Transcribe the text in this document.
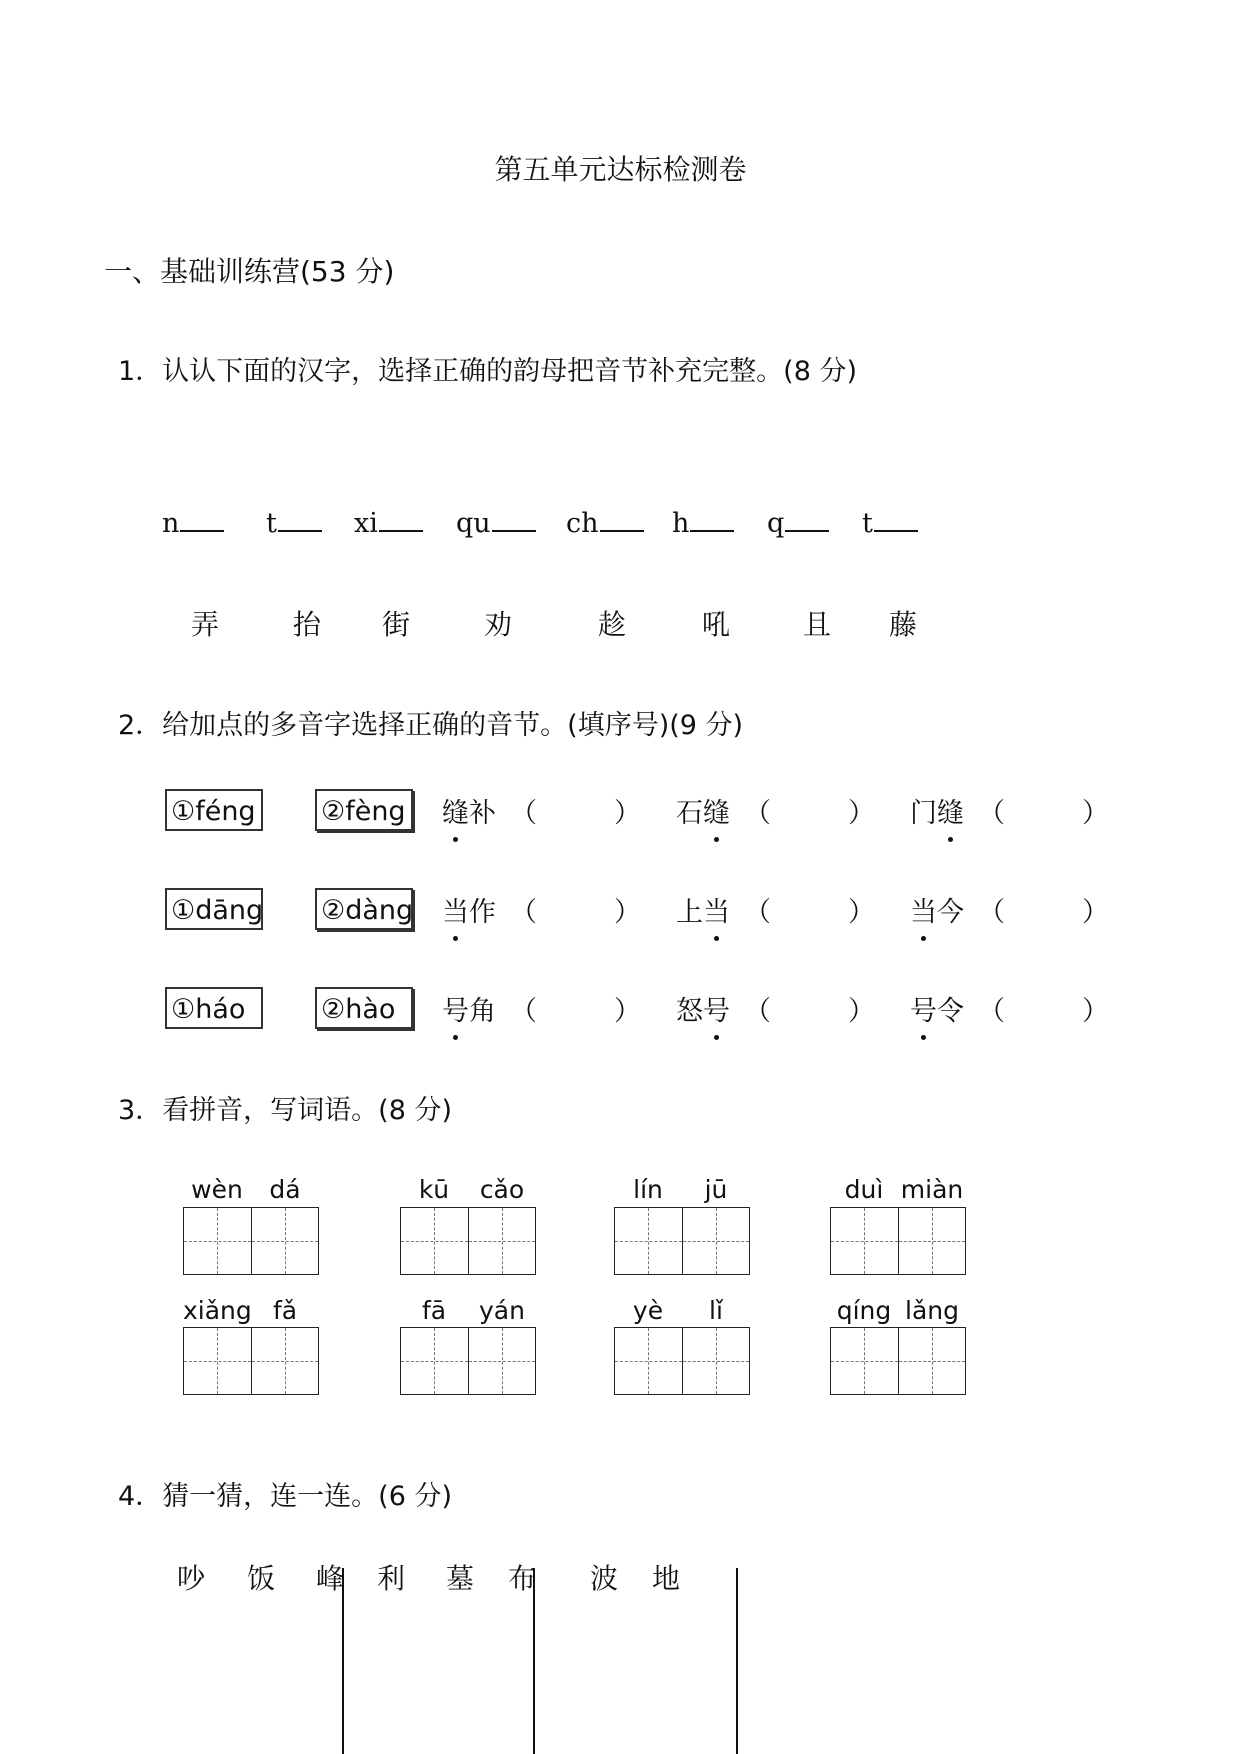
第五单元达标检测卷
一、基础训练营(53 分)
1．认认下面的汉字，选择正确的韵母把音节补充完整。(8 分)
n	t	xi	qu	ch	h	q	t
弄	抬 街	劝	趁	吼	且 藤
2．给加点的多音字选择正确的音节。(填序号)(9 分)
①féng ②fèng 缝补 （	） 石缝 （	） 门缝 （	）
①dāng ②dàng 当作 （	） 上当 （	） 当今 （	）
①háo	②hào	号角 （	） 怒号 （	） 号令 （	）
3．看拼音，写词语。(8 分)
wèn	dá	kū	cǎo	lín	jū	duì miàn
xiǎng fǎ	fā	yán	yè	lǐ	qíng lǎng
4．猜一猜，连一连。(6 分)
吵 饭 峰 利 墓 布 波 地
